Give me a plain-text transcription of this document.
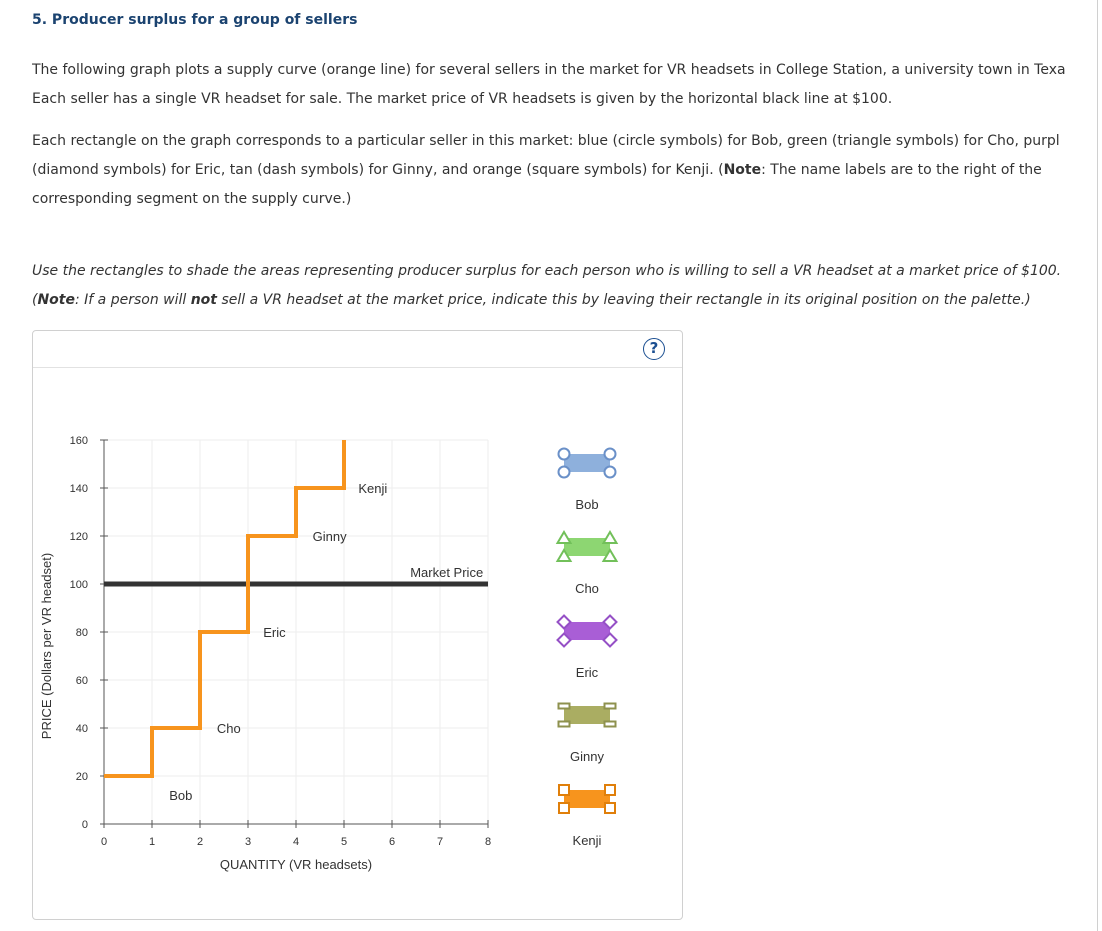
5. Producer surplus for a group of sellers
The following graph plots a supply curve (orange line) for several sellers in the market for VR headsets in College Station, a university town in Texa
Each seller has a single VR headset for sale. The market price of VR headsets is given by the horizontal black line at $100.
Each rectangle on the graph corresponds to a particular seller in this market: blue (circle symbols) for Bob, green (triangle symbols) for Cho, purpl
(diamond symbols) for Eric, tan (dash symbols) for Ginny, and orange (square symbols) for Kenji. (Note: The name labels are to the right of the
corresponding segment on the supply curve.)
Use the rectangles to shade the areas representing producer surplus for each person who is willing to sell a VR headset at a market price of $100.
(Note: If a person will not sell a VR headset at the market price, indicate this by leaving their rectangle in its original position on the palette.)
?
0	1	2	3	4	5	6	7	8
0
20
40
60
80
100
120
140
160
QUANTITY (VR headsets)
PRICE (Dollars per VR headset)	Market Price
Bob
Cho
Eric
Ginny
Kenji
Bob
Cho
Eric
Ginny
Kenji
